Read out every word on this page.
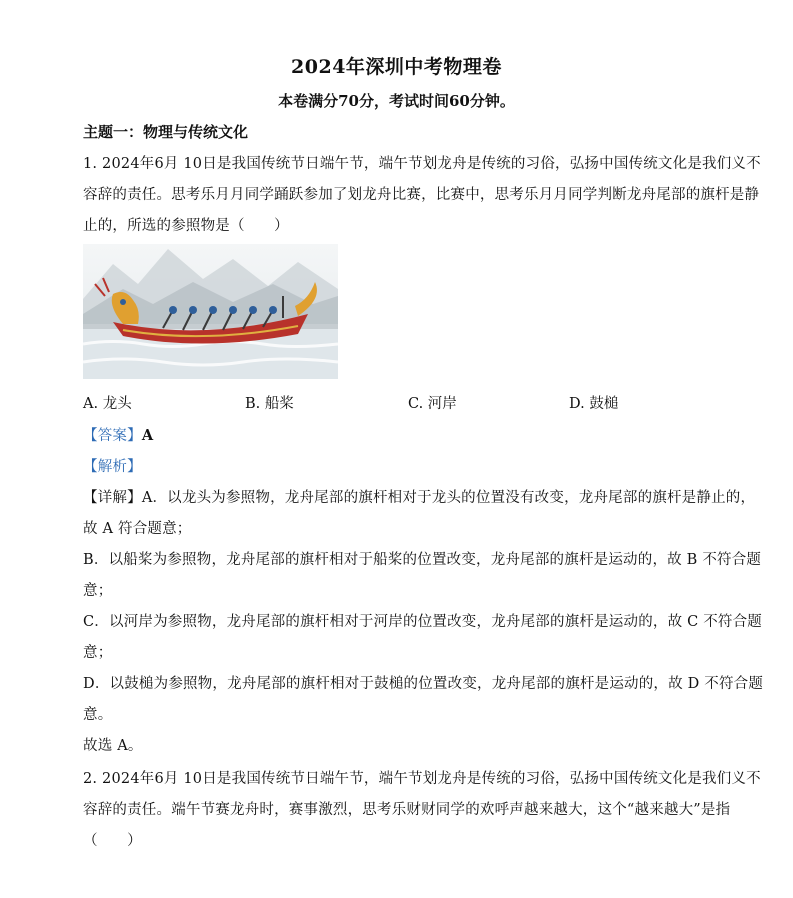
2024年深圳中考物理卷
本卷满分70分，考试时间60分钟。
主题一：物理与传统文化
1. 2024年6月 10日是我国传统节日端午节，端午节划龙舟是传统的习俗，弘扬中国传统文化是我们义不
容辞的责任。思考乐月月同学踊跃参加了划龙舟比赛，比赛中，思考乐月月同学判断龙舟尾部的旗杆是静
止的，所选的参照物是（　　）
A. 龙头	B. 船桨	C. 河岸	D. 鼓槌
【答案】A
【解析】
【详解】A．以龙头为参照物，龙舟尾部的旗杆相对于龙头的位置没有改变，龙舟尾部的旗杆是静止的，
故 A 符合题意；
B．以船桨为参照物，龙舟尾部的旗杆相对于船桨的位置改变，龙舟尾部的旗杆是运动的，故 B 不符合题
意；
C．以河岸为参照物，龙舟尾部的旗杆相对于河岸的位置改变，龙舟尾部的旗杆是运动的，故 C 不符合题
意；
D．以鼓槌为参照物，龙舟尾部的旗杆相对于鼓槌的位置改变，龙舟尾部的旗杆是运动的，故 D 不符合题
意。
故选 A。
2. 2024年6月 10日是我国传统节日端午节，端午节划龙舟是传统的习俗，弘扬中国传统文化是我们义不
容辞的责任。端午节赛龙舟时，赛事激烈，思考乐财财同学的欢呼声越来越大，这个“越来越大”是指
（　　）
